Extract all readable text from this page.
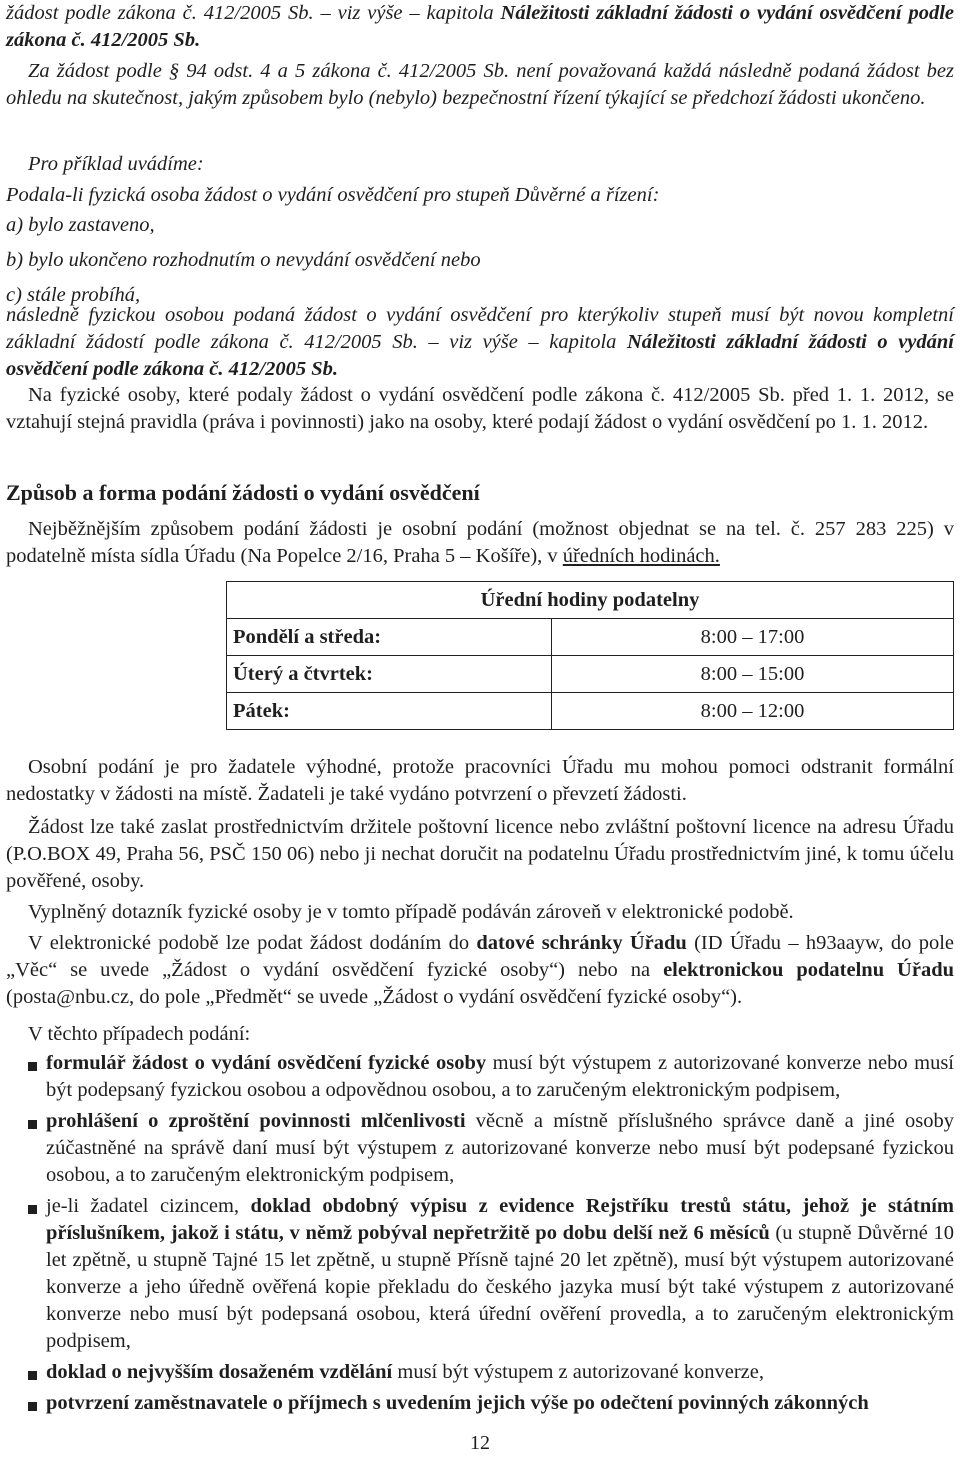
žádost podle zákona č. 412/2005 Sb. – viz výše – kapitola Náležitosti základní žádosti o vydání osvědčení podle zákona č. 412/2005 Sb.

Za žádost podle § 94 odst. 4 a 5 zákona č. 412/2005 Sb. není považovaná každá následně podaná žádost bez ohledu na skutečnost, jakým způsobem bylo (nebylo) bezpečnostní řízení týkající se předchozí žádosti ukončeno.

Pro příklad uvádíme:

Podala-li fyzická osoba žádost o vydání osvědčení pro stupeň Důvěrné a řízení:

a) bylo zastaveno,

b) bylo ukončeno rozhodnutím o nevydání osvědčení nebo

c) stále probíhá,

následně fyzickou osobou podaná žádost o vydání osvědčení pro kterýkoliv stupeň musí být novou kompletní základní žádostí podle zákona č. 412/2005 Sb. – viz výše – kapitola Náležitosti základní žádosti o vydání osvědčení podle zákona č. 412/2005 Sb.

Na fyzické osoby, které podaly žádost o vydání osvědčení podle zákona č. 412/2005 Sb. před 1. 1. 2012, se vztahují stejná pravidla (práva i povinnosti) jako na osoby, které podají žádost o vydání osvědčení po 1. 1. 2012.

Způsob a forma podání žádosti o vydání osvědčení

Nejběžnějším způsobem podání žádosti je osobní podání (možnost objednat se na tel. č. 257 283 225) v podatelně místa sídla Úřadu (Na Popelce 2/16, Praha 5 – Košíře), v úředních hodinách.

Úřední hodiny podatelny	
Pondělí a středa:	8:00 – 17:00
Úterý a čtvrtek:	8:00 – 15:00
Pátek:	8:00 – 12:00

Osobní podání je pro žadatele výhodné, protože pracovníci Úřadu mu mohou pomoci odstranit formální nedostatky v žádosti na místě. Žadateli je také vydáno potvrzení o převzetí žádosti.

Žádost lze také zaslat prostřednictvím držitele poštovní licence nebo zvláštní poštovní licence na adresu Úřadu (P.O.BOX 49, Praha 56, PSČ 150 06) nebo ji nechat doručit na podatelnu Úřadu prostřednictvím jiné, k tomu účelu pověřené, osoby.

Vyplněný dotazník fyzické osoby je v tomto případě podáván zároveň v elektronické podobě.

V elektronické podobě lze podat žádost dodáním do datové schránky Úřadu (ID Úřadu – h93aayw, do pole „Věc“ se uvede „Žádost o vydání osvědčení fyzické osoby“) nebo na elektronickou podatelnu Úřadu (posta@nbu.cz, do pole „Předmět“ se uvede „Žádost o vydání osvědčení fyzické osoby“).

V těchto případech podání:

formulář žádost o vydání osvědčení fyzické osoby musí být výstupem z autorizované konverze nebo musí být podepsaný fyzickou osobou a odpovědnou osobou, a to zaručeným elektronickým podpisem,
prohlášení o zproštění povinnosti mlčenlivosti věcně a místně příslušného správce daně a jiné osoby zúčastněné na správě daní musí být výstupem z autorizované konverze nebo musí být podepsané fyzickou osobou, a to zaručeným elektronickým podpisem,
je-li žadatel cizincem, doklad obdobný výpisu z evidence Rejstříku trestů státu, jehož je státním příslušníkem, jakož i státu, v němž pobýval nepřetržitě po dobu delší než 6 měsíců (u stupně Důvěrné 10 let zpětně, u stupně Tajné 15 let zpětně, u stupně Přísně tajné 20 let zpětně), musí být výstupem autorizované konverze a jeho úředně ověřená kopie překladu do českého jazyka musí být také výstupem z autorizované konverze nebo musí být podepsaná osobou, která úřední ověření provedla, a to zaručeným elektronickým podpisem,
doklad o nejvyšším dosaženém vzdělání musí být výstupem z autorizované konverze,
potvrzení zaměstnavatele o příjmech s uvedením jejich výše po odečtení povinných zákonných
12
